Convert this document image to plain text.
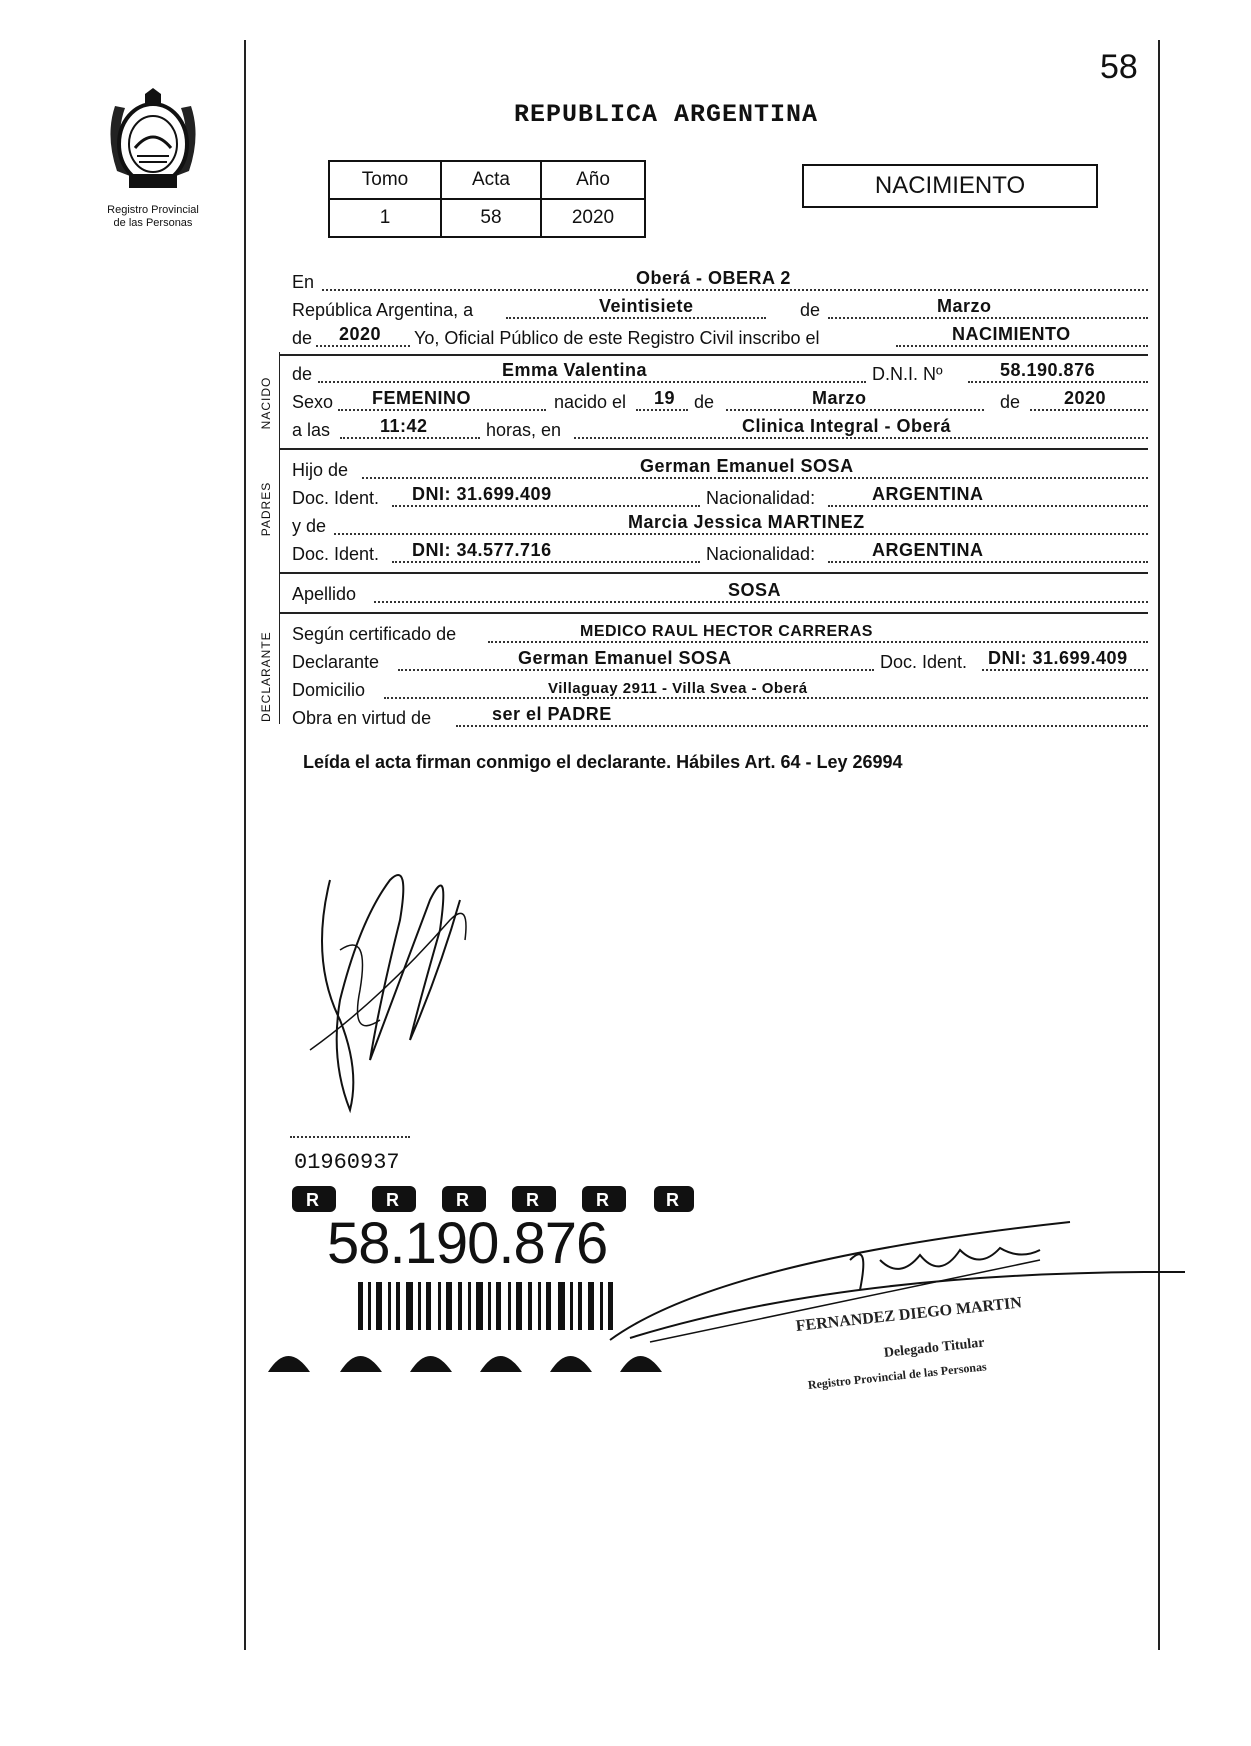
58
Registro Provincial
de las Personas
REPUBLICA ARGENTINA
Tomo	Acta	Año
1	58	2020
NACIMIENTO
NACIDO
PADRES
DECLARANTE
En	Oberá - OBERA 2
República Argentina, a	Veintisiete	de	Marzo
de 2020 Yo, Oficial Público de este Registro Civil inscribo el	NACIMIENTO
de	Emma Valentina	D.N.I. Nº	58.190.876
Sexo FEMENINO	nacido el 19 de	Marzo	de 2020
a las	11:42	horas, en	Clinica Integral - Oberá
Hijo de	German Emanuel SOSA
Doc. Ident. DNI: 31.699.409	Nacionalidad:	ARGENTINA
y de	Marcia Jessica MARTINEZ
Doc. Ident. DNI: 34.577.716	Nacionalidad:	ARGENTINA
Apellido	SOSA
Según certificado de	MEDICO RAUL HECTOR CARRERAS
Declarante	German Emanuel SOSA	Doc. Ident. DNI: 31.699.409
Domicilio	Villaguay 2911 - Villa Svea - Oberá
Obra en virtud de	ser el PADRE
Leída el acta firman conmigo el declarante. Hábiles Art. 64 - Ley 26994
01960937
R	R	R	R	R	R
58.190.876
FERNANDEZ DIEGO MARTIN
Delegado Titular
Registro Provincial de las Personas
